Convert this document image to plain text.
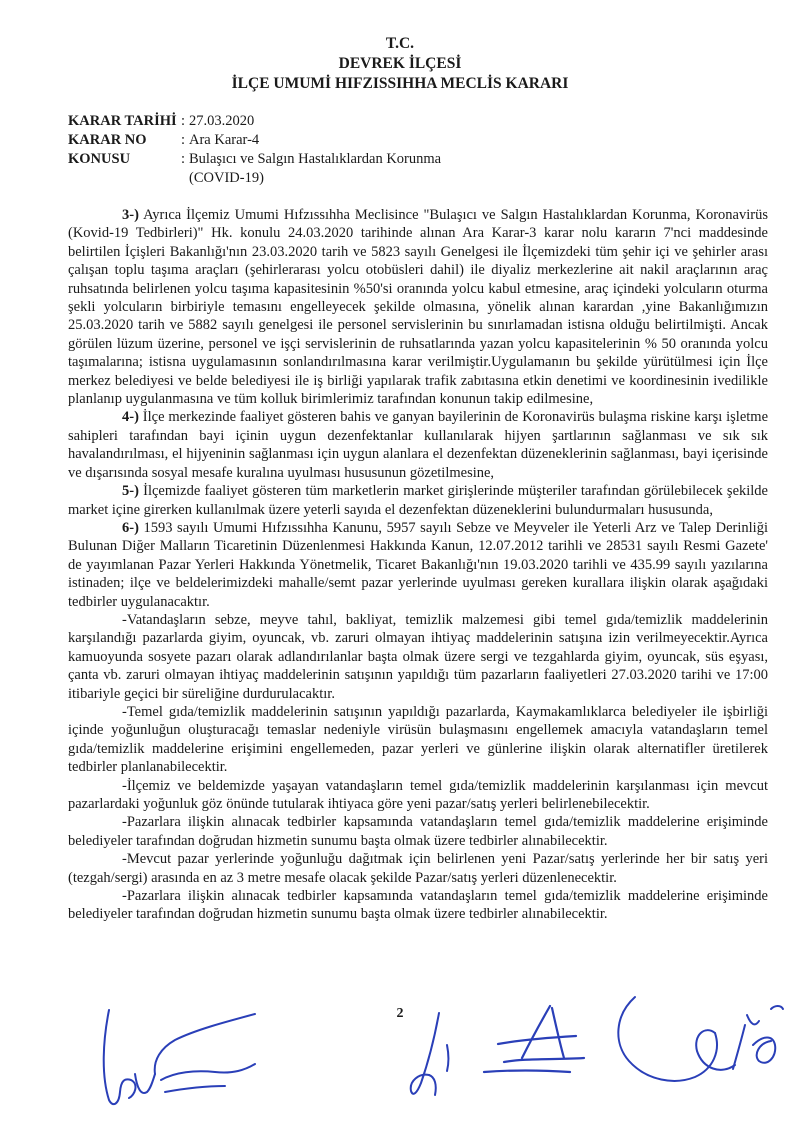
T.C.
DEVREK İLÇESİ
İLÇE UMUMİ HIFZISSIHHA MECLİS KARARI
KARAR TARİHİ : 27.03.2020
KARAR NO	: Ara Karar-4
KONUSU	: Bulaşıcı ve Salgın Hastalıklardan Korunma
(COVID-19)

3-) Ayrıca İlçemiz Umumi Hıfzıssıhha Meclisince "Bulaşıcı ve Salgın Hastalıklardan Korunma, Koronavirüs (Kovid-19 Tedbirleri)" Hk. konulu 24.03.2020 tarihinde alınan Ara Karar-3 karar nolu kararın 7'nci maddesinde belirtilen İçişleri Bakanlığı'nın 23.03.2020 tarih ve 5823 sayılı Genelgesi ile İlçemizdeki tüm şehir içi ve şehirler arası çalışan toplu taşıma araçları (şehirlerarası yolcu otobüsleri dahil) ile diyaliz merkezlerine ait nakil araçlarının araç ruhsatında belirlenen yolcu taşıma kapasitesinin %50'si oranında yolcu kabul etmesine, araç içindeki yolcuların oturma şekli yolcuların birbiriyle temasını engelleyecek şekilde olmasına, yönelik alınan karardan ,yine Bakanlığımızın 25.03.2020 tarih ve 5882 sayılı genelgesi ile personel servislerinin bu sınırlamadan istisna olduğu belirtilmişti. Ancak görülen lüzum üzerine, personel ve işçi servislerinin de ruhsatlarında yazan yolcu kapasitelerinin % 50 oranında yolcu taşımalarına; istisna uygulamasının sonlandırılmasına karar verilmiştir.Uygulamanın bu şekilde yürütülmesi için İlçe merkez belediyesi ve belde belediyesi ile iş birliği yapılarak trafik zabıtasına etkin denetimi ve koordinesinin ivedilikle planlanıp uygulanmasına ve tüm kolluk birimlerimiz tarafından konunun takip edilmesine,

4-) İlçe merkezinde faaliyet gösteren bahis ve ganyan bayilerinin de Koronavirüs bulaşma riskine karşı işletme sahipleri tarafından bayi içinin uygun dezenfektanlar kullanılarak hijyen şartlarının sağlanması ve sık sık havalandırılması, el hijyeninin sağlanması için uygun alanlara el dezenfektan düzeneklerinin sağlanması, bayi içerisinde ve dışarısında sosyal mesafe kuralına uyulması hususunun gözetilmesine,

5-) İlçemizde faaliyet gösteren tüm marketlerin market girişlerinde müşteriler tarafından görülebilecek şekilde market içine girerken kullanılmak üzere yeterli sayıda el dezenfektan düzeneklerini bulundurmaları hususunda,

6-) 1593 sayılı Umumi Hıfzıssıhha Kanunu, 5957 sayılı Sebze ve Meyveler ile Yeterli Arz ve Talep Derinliği Bulunan Diğer Malların Ticaretinin Düzenlenmesi Hakkında Kanun, 12.07.2012 tarihli ve 28531 sayılı Resmi Gazete' de yayımlanan Pazar Yerleri Hakkında Yönetmelik, Ticaret Bakanlığı'nın 19.03.2020 tarihli ve 435.99 sayılı yazılarına istinaden; ilçe ve beldelerimizdeki mahalle/semt pazar yerlerinde uyulması gereken kurallara ilişkin olarak aşağıdaki tedbirler uygulanacaktır.

-Vatandaşların sebze, meyve tahıl, bakliyat, temizlik malzemesi gibi temel gıda/temizlik maddelerinin karşılandığı pazarlarda giyim, oyuncak, vb. zaruri olmayan ihtiyaç maddelerinin satışına izin verilmeyecektir.Ayrıca kamuoyunda sosyete pazarı olarak adlandırılanlar başta olmak üzere sergi ve tezgahlarda giyim, oyuncak, süs eşyası, çanta vb. zaruri olmayan ihtiyaç maddelerinin satışının yapıldığı tüm pazarların faaliyetleri 27.03.2020 tarihi ve 17:00 itibariyle geçici bir süreliğine durdurulacaktır.

-Temel gıda/temizlik maddelerinin satışının yapıldığı pazarlarda, Kaymakamlıklarca belediyeler ile işbirliği içinde yoğunluğun oluşturacağı temaslar nedeniyle virüsün bulaşmasını engellemek amacıyla vatandaşların temel gıda/temizlik maddelerine erişimini engellemeden, pazar yerleri ve günlerine ilişkin olarak alternatifler üretilerek tedbirler planlanabilecektir.

-İlçemiz ve beldemizde yaşayan vatandaşların temel gıda/temizlik maddelerinin karşılanması için mevcut pazarlardaki yoğunluk göz önünde tutularak ihtiyaca göre yeni pazar/satış yerleri belirlenebilecektir.

-Pazarlara ilişkin alınacak tedbirler kapsamında vatandaşların temel gıda/temizlik maddelerine erişiminde belediyeler tarafından doğrudan hizmetin sunumu başta olmak üzere tedbirler alınabilecektir.

-Mevcut pazar yerlerinde yoğunluğu dağıtmak için belirlenen yeni Pazar/satış yerlerinde her bir satış yeri (tezgah/sergi) arasında en az 3 metre mesafe olacak şekilde Pazar/satış yerleri düzenlenecektir.

-Pazarlara ilişkin alınacak tedbirler kapsamında vatandaşların temel gıda/temizlik maddelerine erişiminde belediyeler tarafından doğrudan hizmetin sunumu başta olmak üzere tedbirler alınabilecektir.

2
